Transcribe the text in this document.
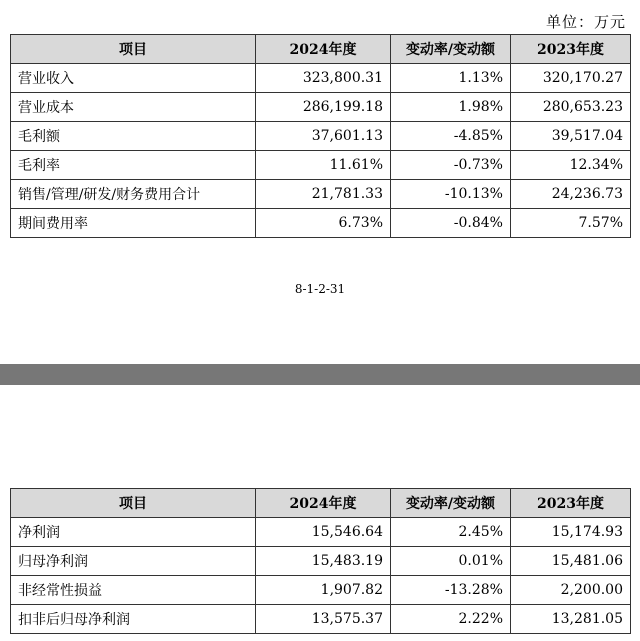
单位：万元
项目	2024年度	变动率/变动额	2023年度
营业收入	323,800.31	1.13%	320,170.27
营业成本	286,199.18	1.98%	280,653.23
毛利额	37,601.13	-4.85%	39,517.04
毛利率	11.61%	-0.73%	12.34%
销售/管理/研发/财务费用合计	21,781.33	-10.13%	24,236.73
期间费用率	6.73%	-0.84%	7.57%
8-1-2-31
项目	2024年度	变动率/变动额	2023年度
净利润	15,546.64	2.45%	15,174.93
归母净利润	15,483.19	0.01%	15,481.06
非经常性损益	1,907.82	-13.28%	2,200.00
扣非后归母净利润	13,575.37	2.22%	13,281.05
